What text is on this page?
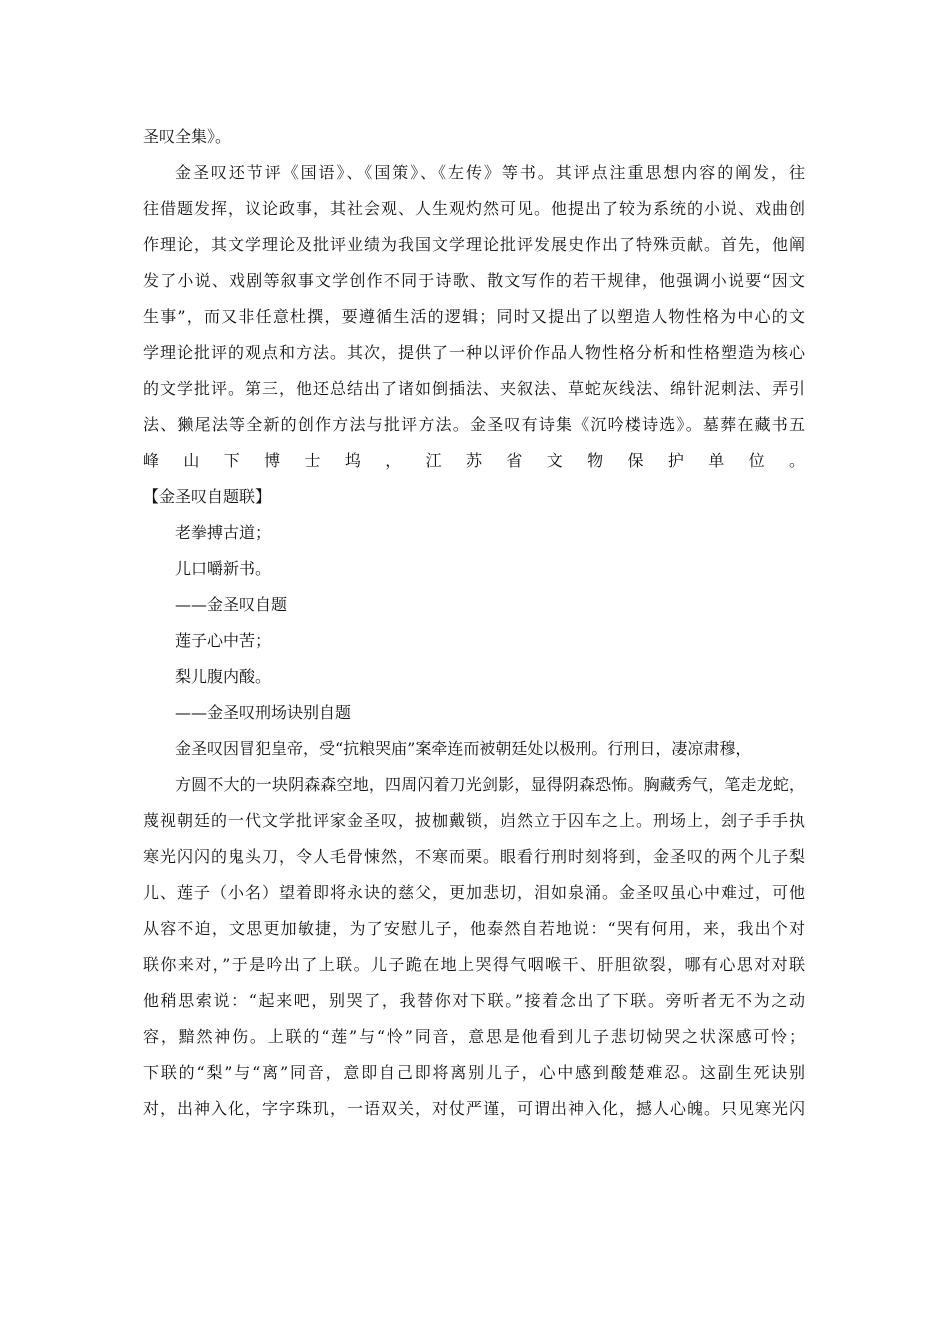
圣叹全集》。
金圣叹还节评《国语》、《国策》、《左传》等书。其评点注重思想内容的阐发，往
往借题发挥，议论政事，其社会观、人生观灼然可见。他提出了较为系统的小说、戏曲创
作理论，其文学理论及批评业绩为我国文学理论批评发展史作出了特殊贡献。首先，他阐
发了小说、戏剧等叙事文学创作不同于诗歌、散文写作的若干规律，他强调小说要“因文
生事”，而又非任意杜撰，要遵循生活的逻辑；同时又提出了以塑造人物性格为中心的文
学理论批评的观点和方法。其次，提供了一种以评价作品人物性格分析和性格塑造为核心
的文学批评。第三，他还总结出了诸如倒插法、夹叙法、草蛇灰线法、绵针泥刺法、弄引
法、獭尾法等全新的创作方法与批评方法。金圣叹有诗集《沉吟楼诗选》。墓葬在藏书五
峰山下博士坞，江苏省文物保护单位。
【金圣叹自题联】
老拳搏古道；
儿口嚼新书。
——金圣叹自题
莲子心中苦；
梨儿腹内酸。
——金圣叹刑场诀别自题
金圣叹因冒犯皇帝，受“抗粮哭庙”案牵连而被朝廷处以极刑。行刑日，凄凉肃穆，
方圆不大的一块阴森森空地，四周闪着刀光剑影，显得阴森恐怖。胸藏秀气，笔走龙蛇，
蔑视朝廷的一代文学批评家金圣叹，披枷戴锁，岿然立于囚车之上。刑场上，刽子手手执
寒光闪闪的鬼头刀，令人毛骨悚然，不寒而栗。眼看行刑时刻将到，金圣叹的两个儿子梨
儿、莲子（小名）望着即将永诀的慈父，更加悲切，泪如泉涌。金圣叹虽心中难过，可他
从容不迫，文思更加敏捷，为了安慰儿子，他泰然自若地说：“哭有何用，来，我出个对
联你来对，”于是吟出了上联。儿子跪在地上哭得气咽喉干、肝胆欲裂，哪有心思对对联
他稍思索说：“起来吧，别哭了，我替你对下联。”接着念出了下联。旁听者无不为之动
容，黯然神伤。上联的“莲”与“怜”同音，意思是他看到儿子悲切恸哭之状深感可怜；
下联的“梨”与“离”同音，意即自己即将离别儿子，心中感到酸楚难忍。这副生死诀别
对，出神入化，字字珠玑，一语双关，对仗严谨，可谓出神入化，撼人心魄。只见寒光闪
